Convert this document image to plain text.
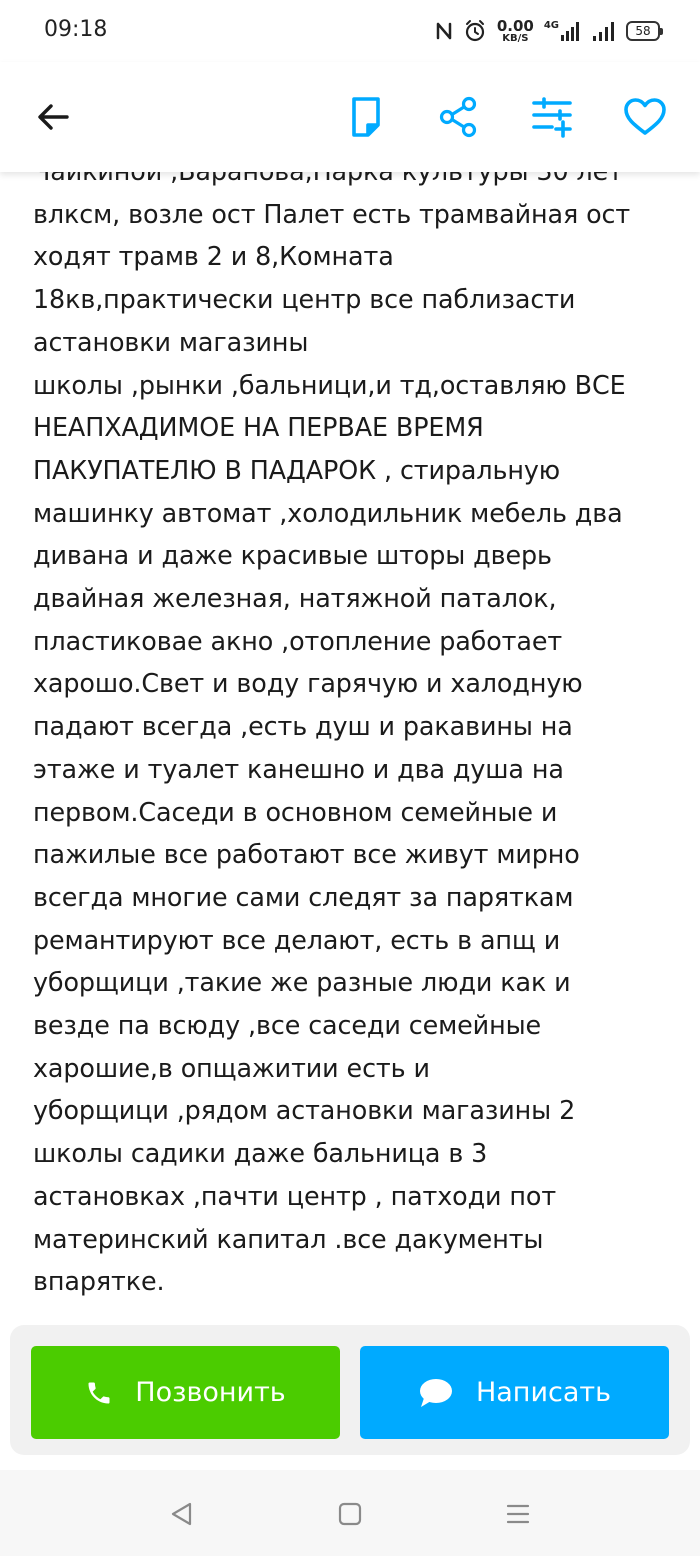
09:18	0.00
KB/S
4G	58

влксм, возле ост Палет есть трамвайная ост
ходят трамв 2 и 8,Комната
18кв,практически центр все паблизасти
астановки магазины
школы ,рынки ,бальници,и тд,оставляю ВСЕ
НЕАПХАДИМОЕ НА ПЕРВАЕ ВРЕМЯ
ПАКУПАТЕЛЮ В ПАДАРОК , стиральную
машинку автомат ,холодильник мебель два
дивана и даже красивые шторы дверь
двайная железная, натяжной паталок,
пластиковае акно ,отопление работает
харошо.Свет и воду гарячую и халодную
падают всегда ,есть душ и ракавины на
этаже и туалет канешно и два душа на
первом.Саседи в основном семейные и
пажилые все работают все живут мирно
всегда многие сами следят за паряткам
ремантируют все делают, есть в апщ и
уборщици ,такие же разные люди как и
везде па всюду ,все саседи семейные
харошие,в опщажитии есть и
уборщици ,рядом астановки магазины 2
школы садики даже бальница в 3
астановках ,пачти центр , патходи пот
материнский капитал .все дакументы
впарятке.
Позвонить	Написать
